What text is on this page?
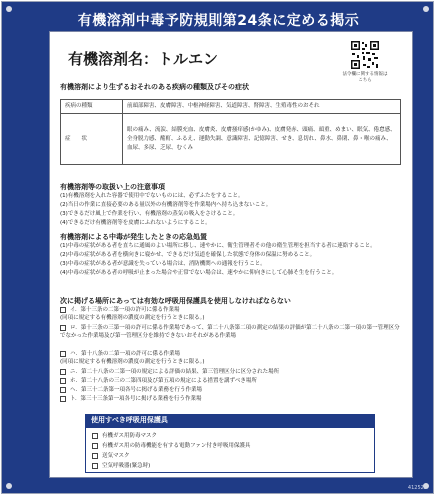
有機溶剤中毒予防規則第24条に定める掲示
有機溶剤名：トルエン
法令欄に関する情報はこちら
有機溶剤により生ずるおそれのある疾病の種類及びその症状
疾病の種類	前頭部障害、皮膚障害、中枢神経障害、気道障害、腎障害、生殖毒性のおそれ
症　　状	眼の痛み、流涙、結膜充血、皮膚炎、皮膚掻痒感(かゆみ)、皮膚発赤、頭痛、頭重、めまい、眠気、倦怠感、全身脱力感、酩酊、ふるえ、運動失調、意識障害、記憶障害、せき、息切れ、鼻水、鼻閉、鼻・喉の痛み、血尿、多尿、乏尿、むくみ
有機溶剤等の取扱い上の注意事項
(1)有機溶剤を入れた容器で使用中でないものには、必ずふたをすること。
(2)当日の作業に直接必要のある量以外の有機溶剤等を作業場内へ持ち込まないこと。
(3)できるだけ風上で作業を行い、有機溶剤の蒸気の吸入をさけること。
(4)できるだけ有機溶剤等を皮膚にふれないようにすること。
有機溶剤による中毒が発生したときの応急処置
(1)中毒の症状がある者を直ちに通風のよい場所に移し、速やかに、衛生管理者その他の衛生管理を担当する者に連絡すること。
(2)中毒の症状がある者を横向きに寝かせ、できるだけ気道を確保した状態で身体の保温に努めること。
(3)中毒の症状がある者が意識を失っている場合は、消防機関への通報を行うこと。
(4)中毒の症状がある者の呼吸が止まった場合や正常でない場合は、速やかに仰向きにして心肺そ生を行うこと。
次に掲げる場所にあっては有効な呼吸用保護具を使用しなければならない
イ．第十三条の二第一項の許可に係る作業場
(同項に規定する有機溶剤の濃度の測定を行うときに限る。)
ロ．第十三条の三第一項の許可に係る作業場であって、第二十八条第二項の測定の結果の評価が第二十八条の二第一項の第一管理区分でなかった作業場及び第一管理区分を維持できないおそれがある作業場
ハ．第十八条の二第一項の許可に係る作業場
(同項に規定する有機溶剤の濃度の測定を行うときに限る。)
ニ．第二十八条の二第一項の規定による評価の結果、第三管理区分に区分された場所
ホ．第二十八条の三の二第四項及び第五項の規定による措置を講ずべき場所
ヘ．第三十二条第一項各号に掲げる業務を行う作業場
ト．第三十三条第一項各号に掲げる業務を行う作業場
使用すべき呼吸用保護具
有機ガス用防毒マスク
有機ガス用の防毒機能を有する電動ファン付き呼吸用保護具
送気マスク
空気呼吸器(緊急時)
412529
